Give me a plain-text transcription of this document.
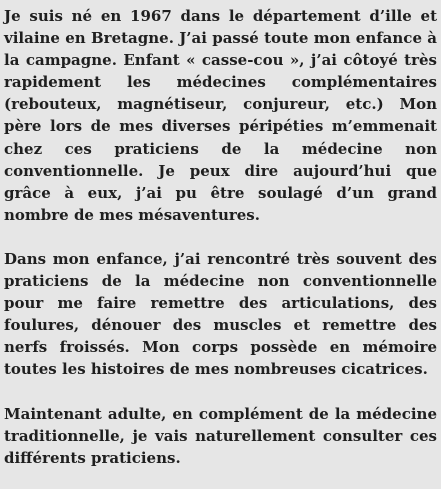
Je suis né en 1967 dans le département d’ille et vilaine en Bretagne. J’ai passé toute mon enfance à la campagne. Enfant « casse-cou », j’ai côtoyé très rapidement les médecines complémentaires (rebouteux, magnétiseur, conjureur, etc.) Mon père lors de mes diverses péripéties m’emmenait chez ces praticiens de la médecine non conventionnelle. Je peux dire aujourd’hui que grâce à eux, j’ai pu être soulagé d’un grand nombre de mes mésaventures.

Dans mon enfance, j’ai rencontré très souvent des praticiens de la médecine non conventionnelle pour me faire remettre des articulations, des foulures, dénouer des muscles et remettre des nerfs froissés. Mon corps possède en mémoire toutes les histoires de mes nombreuses cicatrices.

Maintenant adulte, en complément de la médecine traditionnelle, je vais naturellement consulter ces différents praticiens.
